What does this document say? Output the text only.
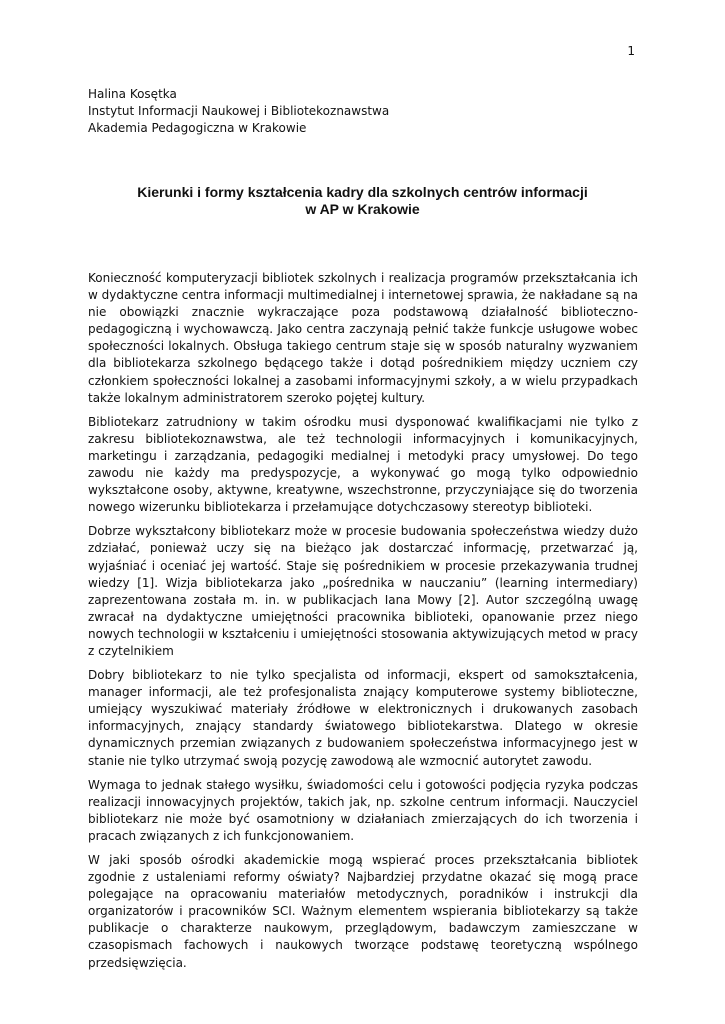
1
Halina Kosętka
Instytut Informacji Naukowej i Bibliotekoznawstwa
Akademia Pedagogiczna w Krakowie
Kierunki i formy kształcenia kadry dla szkolnych centrów informacji
w AP w Krakowie

Konieczność komputeryzacji bibliotek szkolnych i realizacja programów przekształcania ich w dydaktyczne centra informacji multimedialnej i internetowej sprawia, że nakładane są na nie obowiązki znacznie wykraczające poza podstawową działalność biblioteczno-pedagogiczną i wychowawczą. Jako centra zaczynają pełnić także funkcje usługowe wobec społeczności lokalnych. Obsługa takiego centrum staje się w sposób naturalny wyzwaniem dla bibliotekarza szkolnego będącego także i dotąd pośrednikiem między uczniem czy członkiem społeczności lokalnej a zasobami informacyjnymi szkoły, a w wielu przypadkach także lokalnym administratorem szeroko pojętej kultury.

Bibliotekarz zatrudniony w takim ośrodku musi dysponować kwalifikacjami nie tylko z zakresu bibliotekoznawstwa, ale też technologii informacyjnych i komunikacyjnych, marketingu i zarządzania, pedagogiki medialnej i metodyki pracy umysłowej. Do tego zawodu nie każdy ma predyspozycje, a wykonywać go mogą tylko odpowiednio wykształcone osoby, aktywne, kreatywne, wszechstronne, przyczyniające się do tworzenia nowego wizerunku bibliotekarza i przełamujące dotychczasowy stereotyp biblioteki.

Dobrze wykształcony bibliotekarz może w procesie budowania społeczeństwa wiedzy dużo zdziałać, ponieważ uczy się na bieżąco jak dostarczać informację, przetwarzać ją, wyjaśniać i oceniać jej wartość. Staje się pośrednikiem w procesie przekazywania trudnej wiedzy [1]. Wizja bibliotekarza jako „pośrednika w nauczaniu” (learning intermediary) zaprezentowana została m. in. w publikacjach Iana Mowy [2]. Autor szczególną uwagę zwracał na dydaktyczne umiejętności pracownika biblioteki, opanowanie przez niego nowych technologii w kształceniu i umiejętności stosowania aktywizujących metod w pracy z czytelnikiem

Dobry bibliotekarz to nie tylko specjalista od informacji, ekspert od samokształcenia, manager informacji, ale też profesjonalista znający komputerowe systemy biblioteczne, umiejący wyszukiwać materiały źródłowe w elektronicznych i drukowanych zasobach informacyjnych, znający standardy światowego bibliotekarstwa. Dlatego w okresie dynamicznych przemian związanych z budowaniem społeczeństwa informacyjnego jest w stanie nie tylko utrzymać swoją pozycję zawodową ale wzmocnić autorytet zawodu.

Wymaga to jednak stałego wysiłku, świadomości celu i gotowości podjęcia ryzyka podczas realizacji innowacyjnych projektów, takich jak, np. szkolne centrum informacji. Nauczyciel bibliotekarz nie może być osamotniony w działaniach zmierzających do ich tworzenia i pracach związanych z ich funkcjonowaniem.

W jaki sposób ośrodki akademickie mogą wspierać proces przekształcania bibliotek zgodnie z ustaleniami reformy oświaty? Najbardziej przydatne okazać się mogą prace polegające na opracowaniu materiałów metodycznych, poradników i instrukcji dla organizatorów i pracowników SCI. Ważnym elementem wspierania bibliotekarzy są także publikacje o charakterze naukowym, przeglądowym, badawczym zamieszczane w czasopismach fachowych i naukowych tworzące podstawę teoretyczną wspólnego przedsięwzięcia.
